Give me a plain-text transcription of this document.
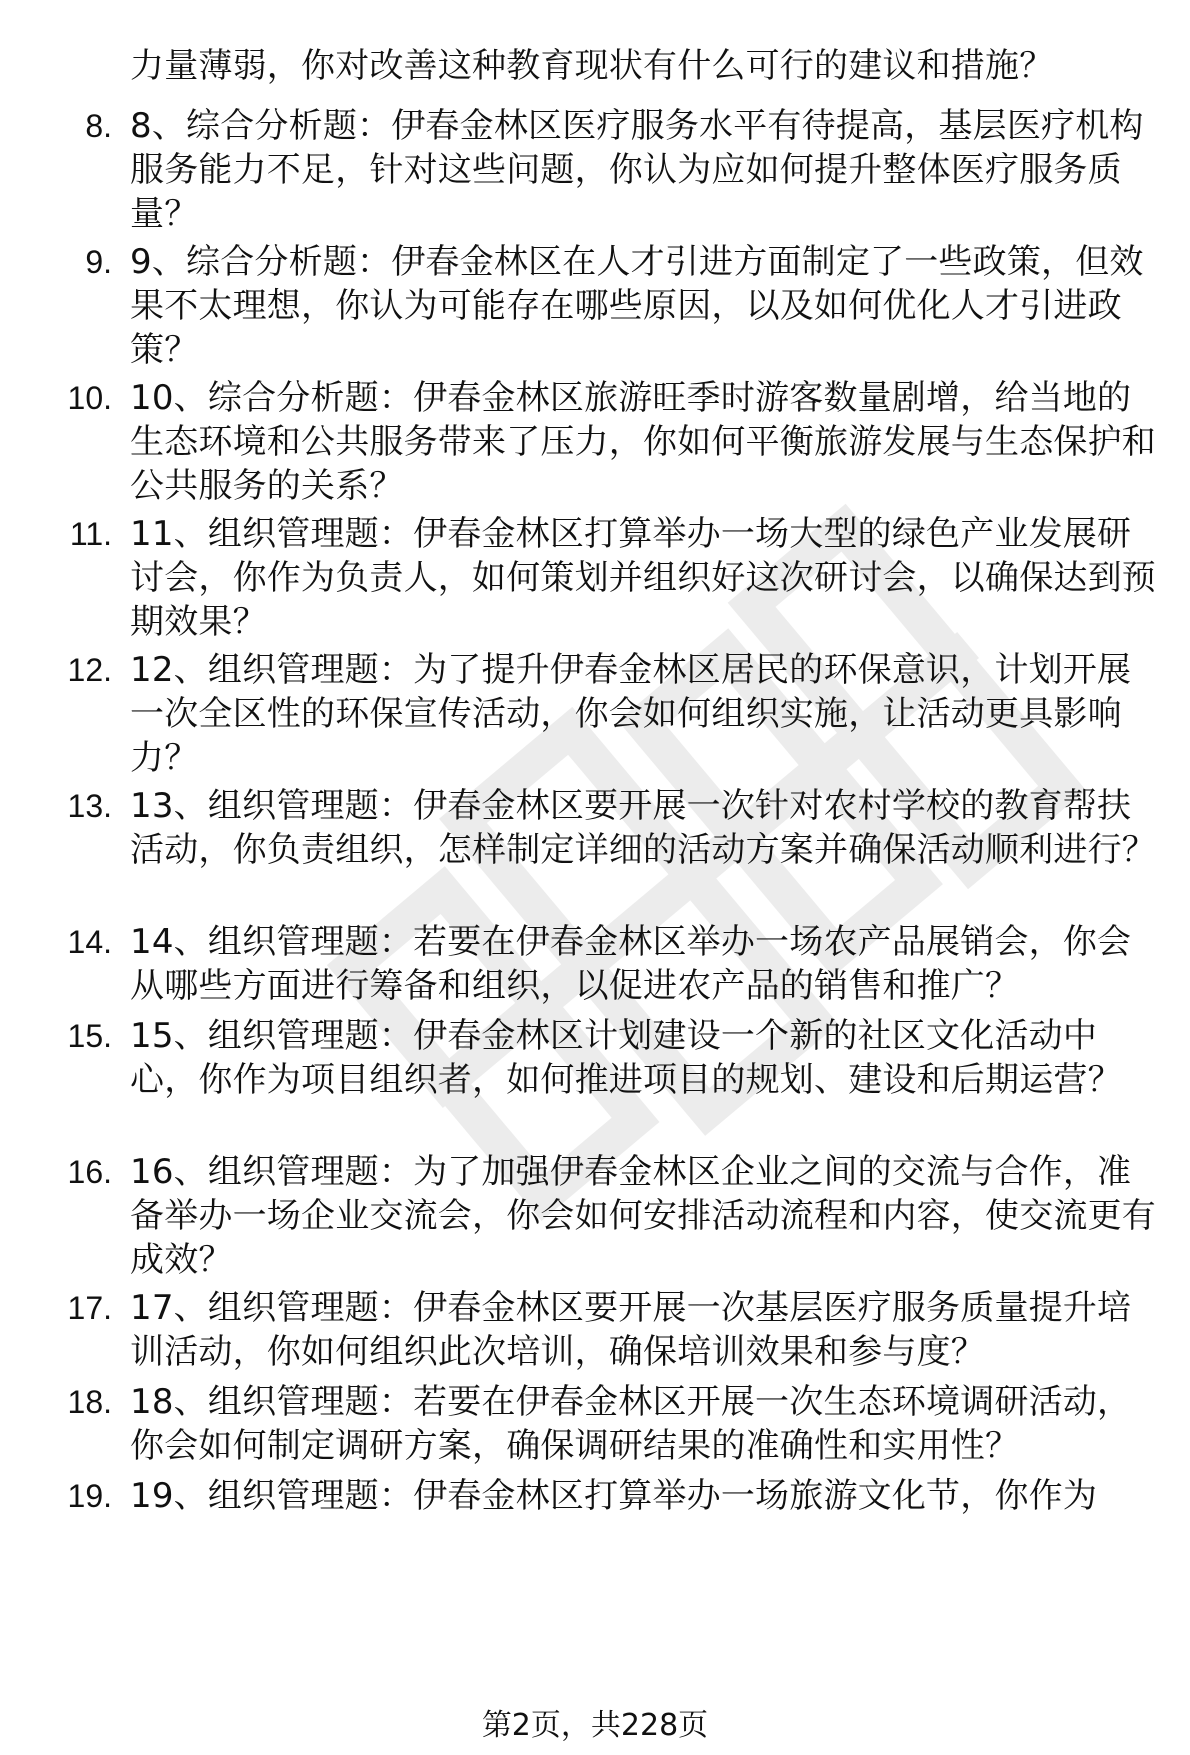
力量薄弱，你对改善这种教育现状有什么可行的建议和措施？
8. 8、综合分析题：伊春金林区医疗服务水平有待提高，基层医疗机构服务能力不足，针对这些问题，你认为应如何提升整体医疗服务质量？
9. 9、综合分析题：伊春金林区在人才引进方面制定了一些政策，但效果不太理想，你认为可能存在哪些原因，以及如何优化人才引进政策？
10. 10、综合分析题：伊春金林区旅游旺季时游客数量剧增，给当地的生态环境和公共服务带来了压力，你如何平衡旅游发展与生态保护和公共服务的关系？
11. 11、组织管理题：伊春金林区打算举办一场大型的绿色产业发展研讨会，你作为负责人，如何策划并组织好这次研讨会，以确保达到预期效果？
12. 12、组织管理题：为了提升伊春金林区居民的环保意识，计划开展一次全区性的环保宣传活动，你会如何组织实施，让活动更具影响力？
13. 13、组织管理题：伊春金林区要开展一次针对农村学校的教育帮扶活动，你负责组织，怎样制定详细的活动方案并确保活动顺利进行？
14. 14、组织管理题：若要在伊春金林区举办一场农产品展销会，你会从哪些方面进行筹备和组织，以促进农产品的销售和推广？
15. 15、组织管理题：伊春金林区计划建设一个新的社区文化活动中心，你作为项目组织者，如何推进项目的规划、建设和后期运营？
16. 16、组织管理题：为了加强伊春金林区企业之间的交流与合作，准备举办一场企业交流会，你会如何安排活动流程和内容，使交流更有成效？
17. 17、组织管理题：伊春金林区要开展一次基层医疗服务质量提升培训活动，你如何组织此次培训，确保培训效果和参与度？
18. 18、组织管理题：若要在伊春金林区开展一次生态环境调研活动，你会如何制定调研方案，确保调研结果的准确性和实用性？
19. 19、组织管理题：伊春金林区打算举办一场旅游文化节，你作为
第2页，共228页
